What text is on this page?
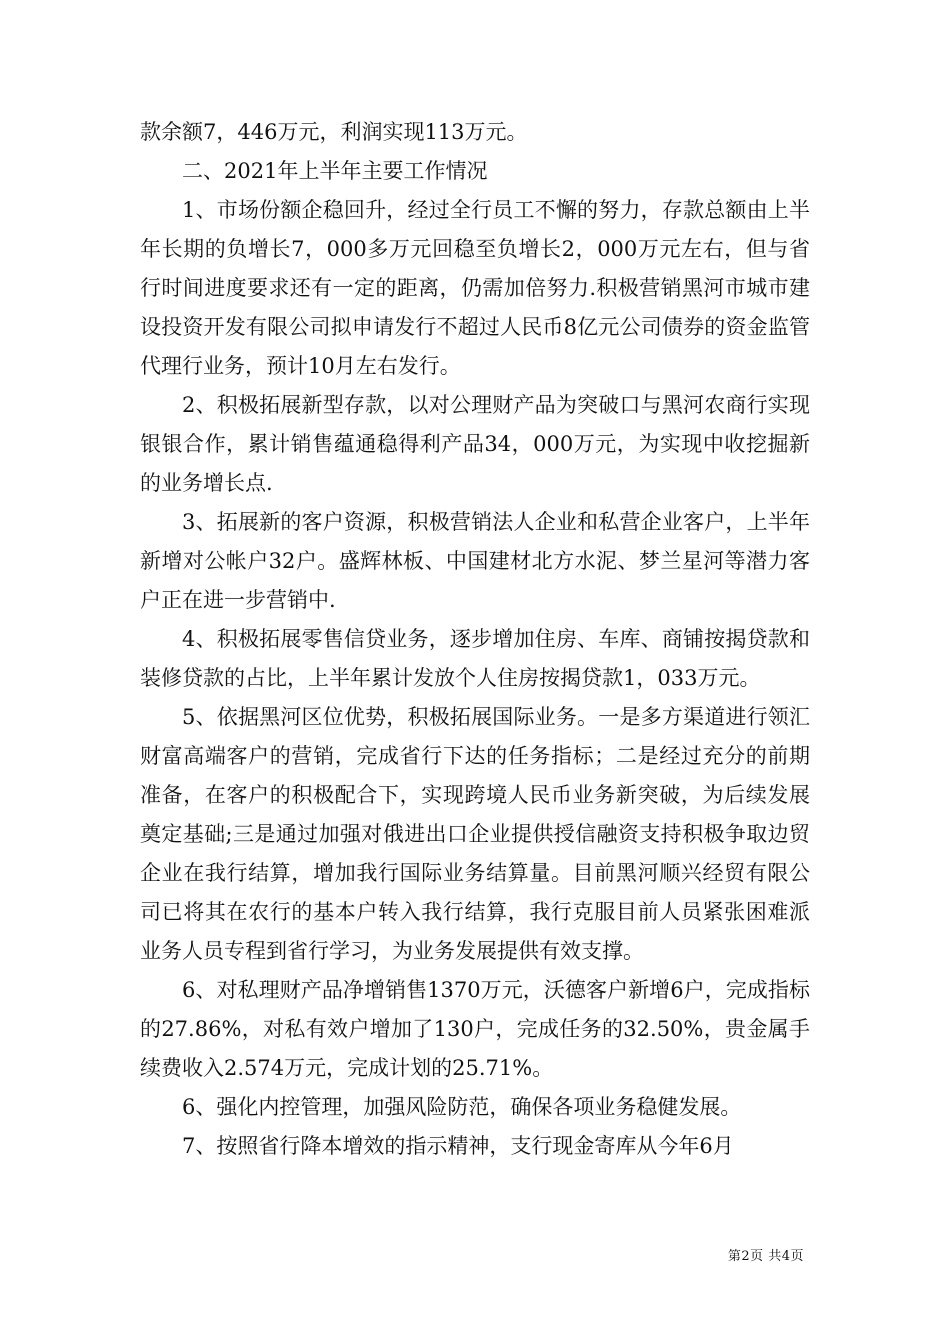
款余额7，446万元，利润实现113万元。

二、2021年上半年主要工作情况

1、市场份额企稳回升，经过全行员工不懈的努力，存款总额由上半年长期的负增长7，000多万元回稳至负增长2，000万元左右，但与省行时间进度要求还有一定的距离，仍需加倍努力.积极营销黑河市城市建设投资开发有限公司拟申请发行不超过人民币8亿元公司债券的资金监管代理行业务，预计10月左右发行。

2、积极拓展新型存款，以对公理财产品为突破口与黑河农商行实现银银合作，累计销售蕴通稳得利产品34，000万元，为实现中收挖掘新的业务增长点.

3、拓展新的客户资源，积极营销法人企业和私营企业客户，上半年新增对公帐户32户。盛辉林板、中国建材北方水泥、梦兰星河等潜力客户正在进一步营销中.

4、积极拓展零售信贷业务，逐步增加住房、车库、商铺按揭贷款和装修贷款的占比，上半年累计发放个人住房按揭贷款1，033万元。

5、依据黑河区位优势，积极拓展国际业务。一是多方渠道进行领汇财富高端客户的营销，完成省行下达的任务指标；二是经过充分的前期准备，在客户的积极配合下，实现跨境人民币业务新突破，为后续发展奠定基础;三是通过加强对俄进出口企业提供授信融资支持积极争取边贸企业在我行结算，增加我行国际业务结算量。目前黑河顺兴经贸有限公司已将其在农行的基本户转入我行结算，我行克服目前人员紧张困难派业务人员专程到省行学习，为业务发展提供有效支撑。

6、对私理财产品净增销售1370万元，沃德客户新增6户，完成指标的27.86%，对私有效户增加了130户，完成任务的32.50%，贵金属手续费收入2.574万元，完成计划的25.71%。

6、强化内控管理，加强风险防范，确保各项业务稳健发展。

7、按照省行降本增效的指示精神，支行现金寄库从今年6月

第2页 共4页
